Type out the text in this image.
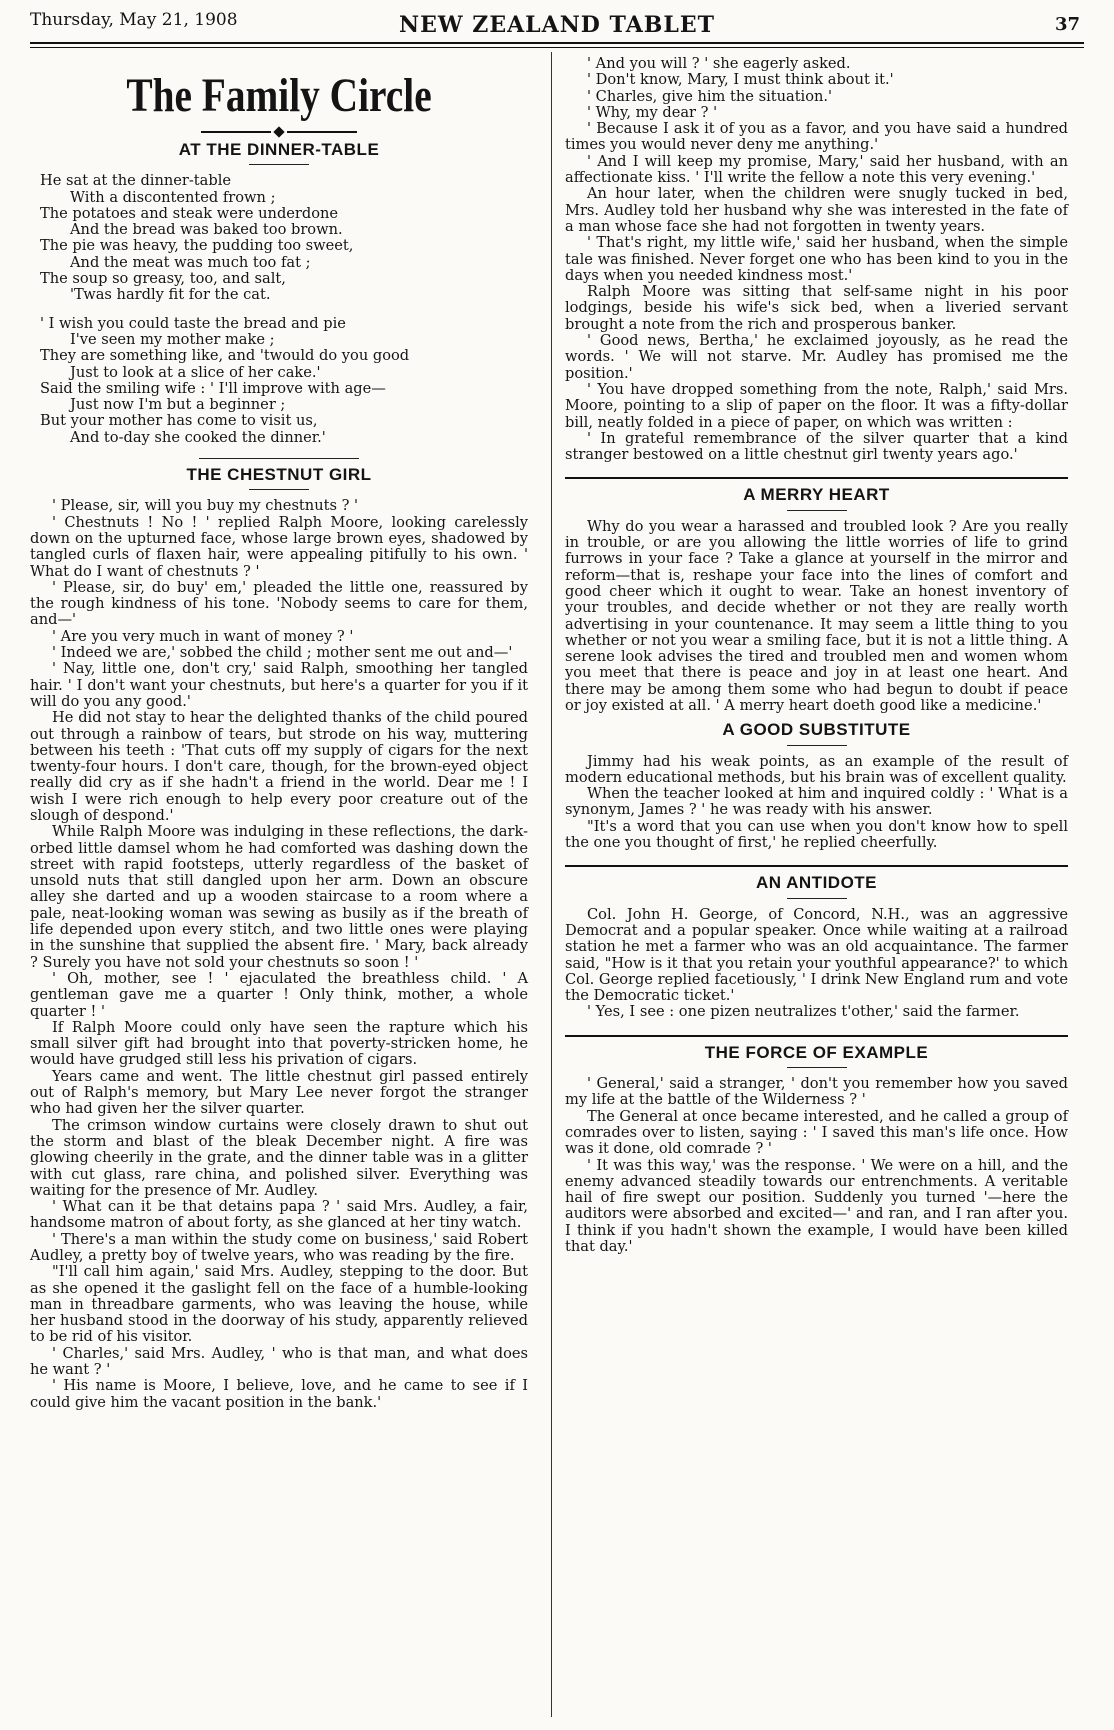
Thursday, May 21, 1908	NEW ZEALAND TABLET	37
The Family Circle
AT THE DINNER-TABLE
He sat at the dinner-table
With a discontented frown ;
The potatoes and steak were underdone
And the bread was baked too brown.
The pie was heavy, the pudding too sweet,
And the meat was much too fat ;
The soup so greasy, too, and salt,
'Twas hardly fit for the cat.
' I wish you could taste the bread and pie
I've seen my mother make ;
They are something like, and 'twould do you good
Just to look at a slice of her cake.'
Said the smiling wife : ' I'll improve with age—
Just now I'm but a beginner ;
But your mother has come to visit us,
And to-day she cooked the dinner.'
THE CHESTNUT GIRL

' Please, sir, will you buy my chestnuts ? '

' Chestnuts ! No ! ' replied Ralph Moore, looking carelessly down on the upturned face, whose large brown eyes, shadowed by tangled curls of flaxen hair, were appealing pitifully to his own. ' What do I want of chestnuts ? '

' Please, sir, do buy' em,' pleaded the little one, reassured by the rough kindness of his tone. 'Nobody seems to care for them, and—'

' Are you very much in want of money ? '

' Indeed we are,' sobbed the child ; mother sent me out and—'

' Nay, little one, don't cry,' said Ralph, smoothing her tangled hair. ' I don't want your chestnuts, but here's a quarter for you if it will do you any good.'

He did not stay to hear the delighted thanks of the child poured out through a rainbow of tears, but strode on his way, muttering between his teeth : 'That cuts off my supply of cigars for the next twenty-four hours. I don't care, though, for the brown-eyed object really did cry as if she hadn't a friend in the world. Dear me ! I wish I were rich enough to help every poor creature out of the slough of despond.'

While Ralph Moore was indulging in these reflections, the dark-orbed little damsel whom he had comforted was dashing down the street with rapid footsteps, utterly regardless of the basket of unsold nuts that still dangled upon her arm. Down an obscure alley she darted and up a wooden staircase to a room where a pale, neat-looking woman was sewing as busily as if the breath of life depended upon every stitch, and two little ones were playing in the sunshine that supplied the absent fire. ' Mary, back already ? Surely you have not sold your chestnuts so soon ! '

' Oh, mother, see ! ' ejaculated the breathless child. ' A gentleman gave me a quarter ! Only think, mother, a whole quarter ! '

If Ralph Moore could only have seen the rapture which his small silver gift had brought into that poverty-stricken home, he would have grudged still less his privation of cigars.

Years came and went. The little chestnut girl passed entirely out of Ralph's memory, but Mary Lee never forgot the stranger who had given her the silver quarter.

The crimson window curtains were closely drawn to shut out the storm and blast of the bleak December night. A fire was glowing cheerily in the grate, and the dinner table was in a glitter with cut glass, rare china, and polished silver. Everything was waiting for the presence of Mr. Audley.

' What can it be that detains papa ? ' said Mrs. Audley, a fair, handsome matron of about forty, as she glanced at her tiny watch.

' There's a man within the study come on business,' said Robert Audley, a pretty boy of twelve years, who was reading by the fire.

"I'll call him again,' said Mrs. Audley, stepping to the door. But as she opened it the gaslight fell on the face of a humble-looking man in threadbare garments, who was leaving the house, while her husband stood in the doorway of his study, apparently relieved to be rid of his visitor.

' Charles,' said Mrs. Audley, ' who is that man, and what does he want ? '

' His name is Moore, I believe, love, and he came to see if I could give him the vacant position in the bank.'

' And you will ? ' she eagerly asked.

' Don't know, Mary, I must think about it.'

' Charles, give him the situation.'

' Why, my dear ? '

' Because I ask it of you as a favor, and you have said a hundred times you would never deny me anything.'

' And I will keep my promise, Mary,' said her husband, with an affectionate kiss. ' I'll write the fellow a note this very evening.'

An hour later, when the children were snugly tucked in bed, Mrs. Audley told her husband why she was interested in the fate of a man whose face she had not forgotten in twenty years.

' That's right, my little wife,' said her husband, when the simple tale was finished. Never forget one who has been kind to you in the days when you needed kindness most.'

Ralph Moore was sitting that self-same night in his poor lodgings, beside his wife's sick bed, when a liveried servant brought a note from the rich and prosperous banker.

' Good news, Bertha,' he exclaimed joyously, as he read the words. ' We will not starve. Mr. Audley has promised me the position.'

' You have dropped something from the note, Ralph,' said Mrs. Moore, pointing to a slip of paper on the floor. It was a fifty-dollar bill, neatly folded in a piece of paper, on which was written :

' In grateful remembrance of the silver quarter that a kind stranger bestowed on a little chestnut girl twenty years ago.'

A MERRY HEART

Why do you wear a harassed and troubled look ? Are you really in trouble, or are you allowing the little worries of life to grind furrows in your face ? Take a glance at yourself in the mirror and reform—that is, reshape your face into the lines of comfort and good cheer which it ought to wear. Take an honest inventory of your troubles, and decide whether or not they are really worth advertising in your countenance. It may seem a little thing to you whether or not you wear a smiling face, but it is not a little thing. A serene look advises the tired and troubled men and women whom you meet that there is peace and joy in at least one heart. And there may be among them some who had begun to doubt if peace or joy existed at all. ' A merry heart doeth good like a medicine.'

A GOOD SUBSTITUTE

Jimmy had his weak points, as an example of the result of modern educational methods, but his brain was of excellent quality.

When the teacher looked at him and inquired coldly : ' What is a synonym, James ? ' he was ready with his answer.

"It's a word that you can use when you don't know how to spell the one you thought of first,' he replied cheerfully.

AN ANTIDOTE

Col. John H. George, of Concord, N.H., was an aggressive Democrat and a popular speaker. Once while waiting at a railroad station he met a farmer who was an old acquaintance. The farmer said, "How is it that you retain your youthful appearance?' to which Col. George replied facetiously, ' I drink New England rum and vote the Democratic ticket.'

' Yes, I see : one pizen neutralizes t'other,' said the farmer.

THE FORCE OF EXAMPLE

' General,' said a stranger, ' don't you remember how you saved my life at the battle of the Wilderness ? '

The General at once became interested, and he called a group of comrades over to listen, saying : ' I saved this man's life once. How was it done, old comrade ? '

' It was this way,' was the response. ' We were on a hill, and the enemy advanced steadily towards our entrenchments. A veritable hail of fire swept our position. Suddenly you turned '—here the auditors were absorbed and excited—' and ran, and I ran after you. I think if you hadn't shown the example, I would have been killed that day.'
